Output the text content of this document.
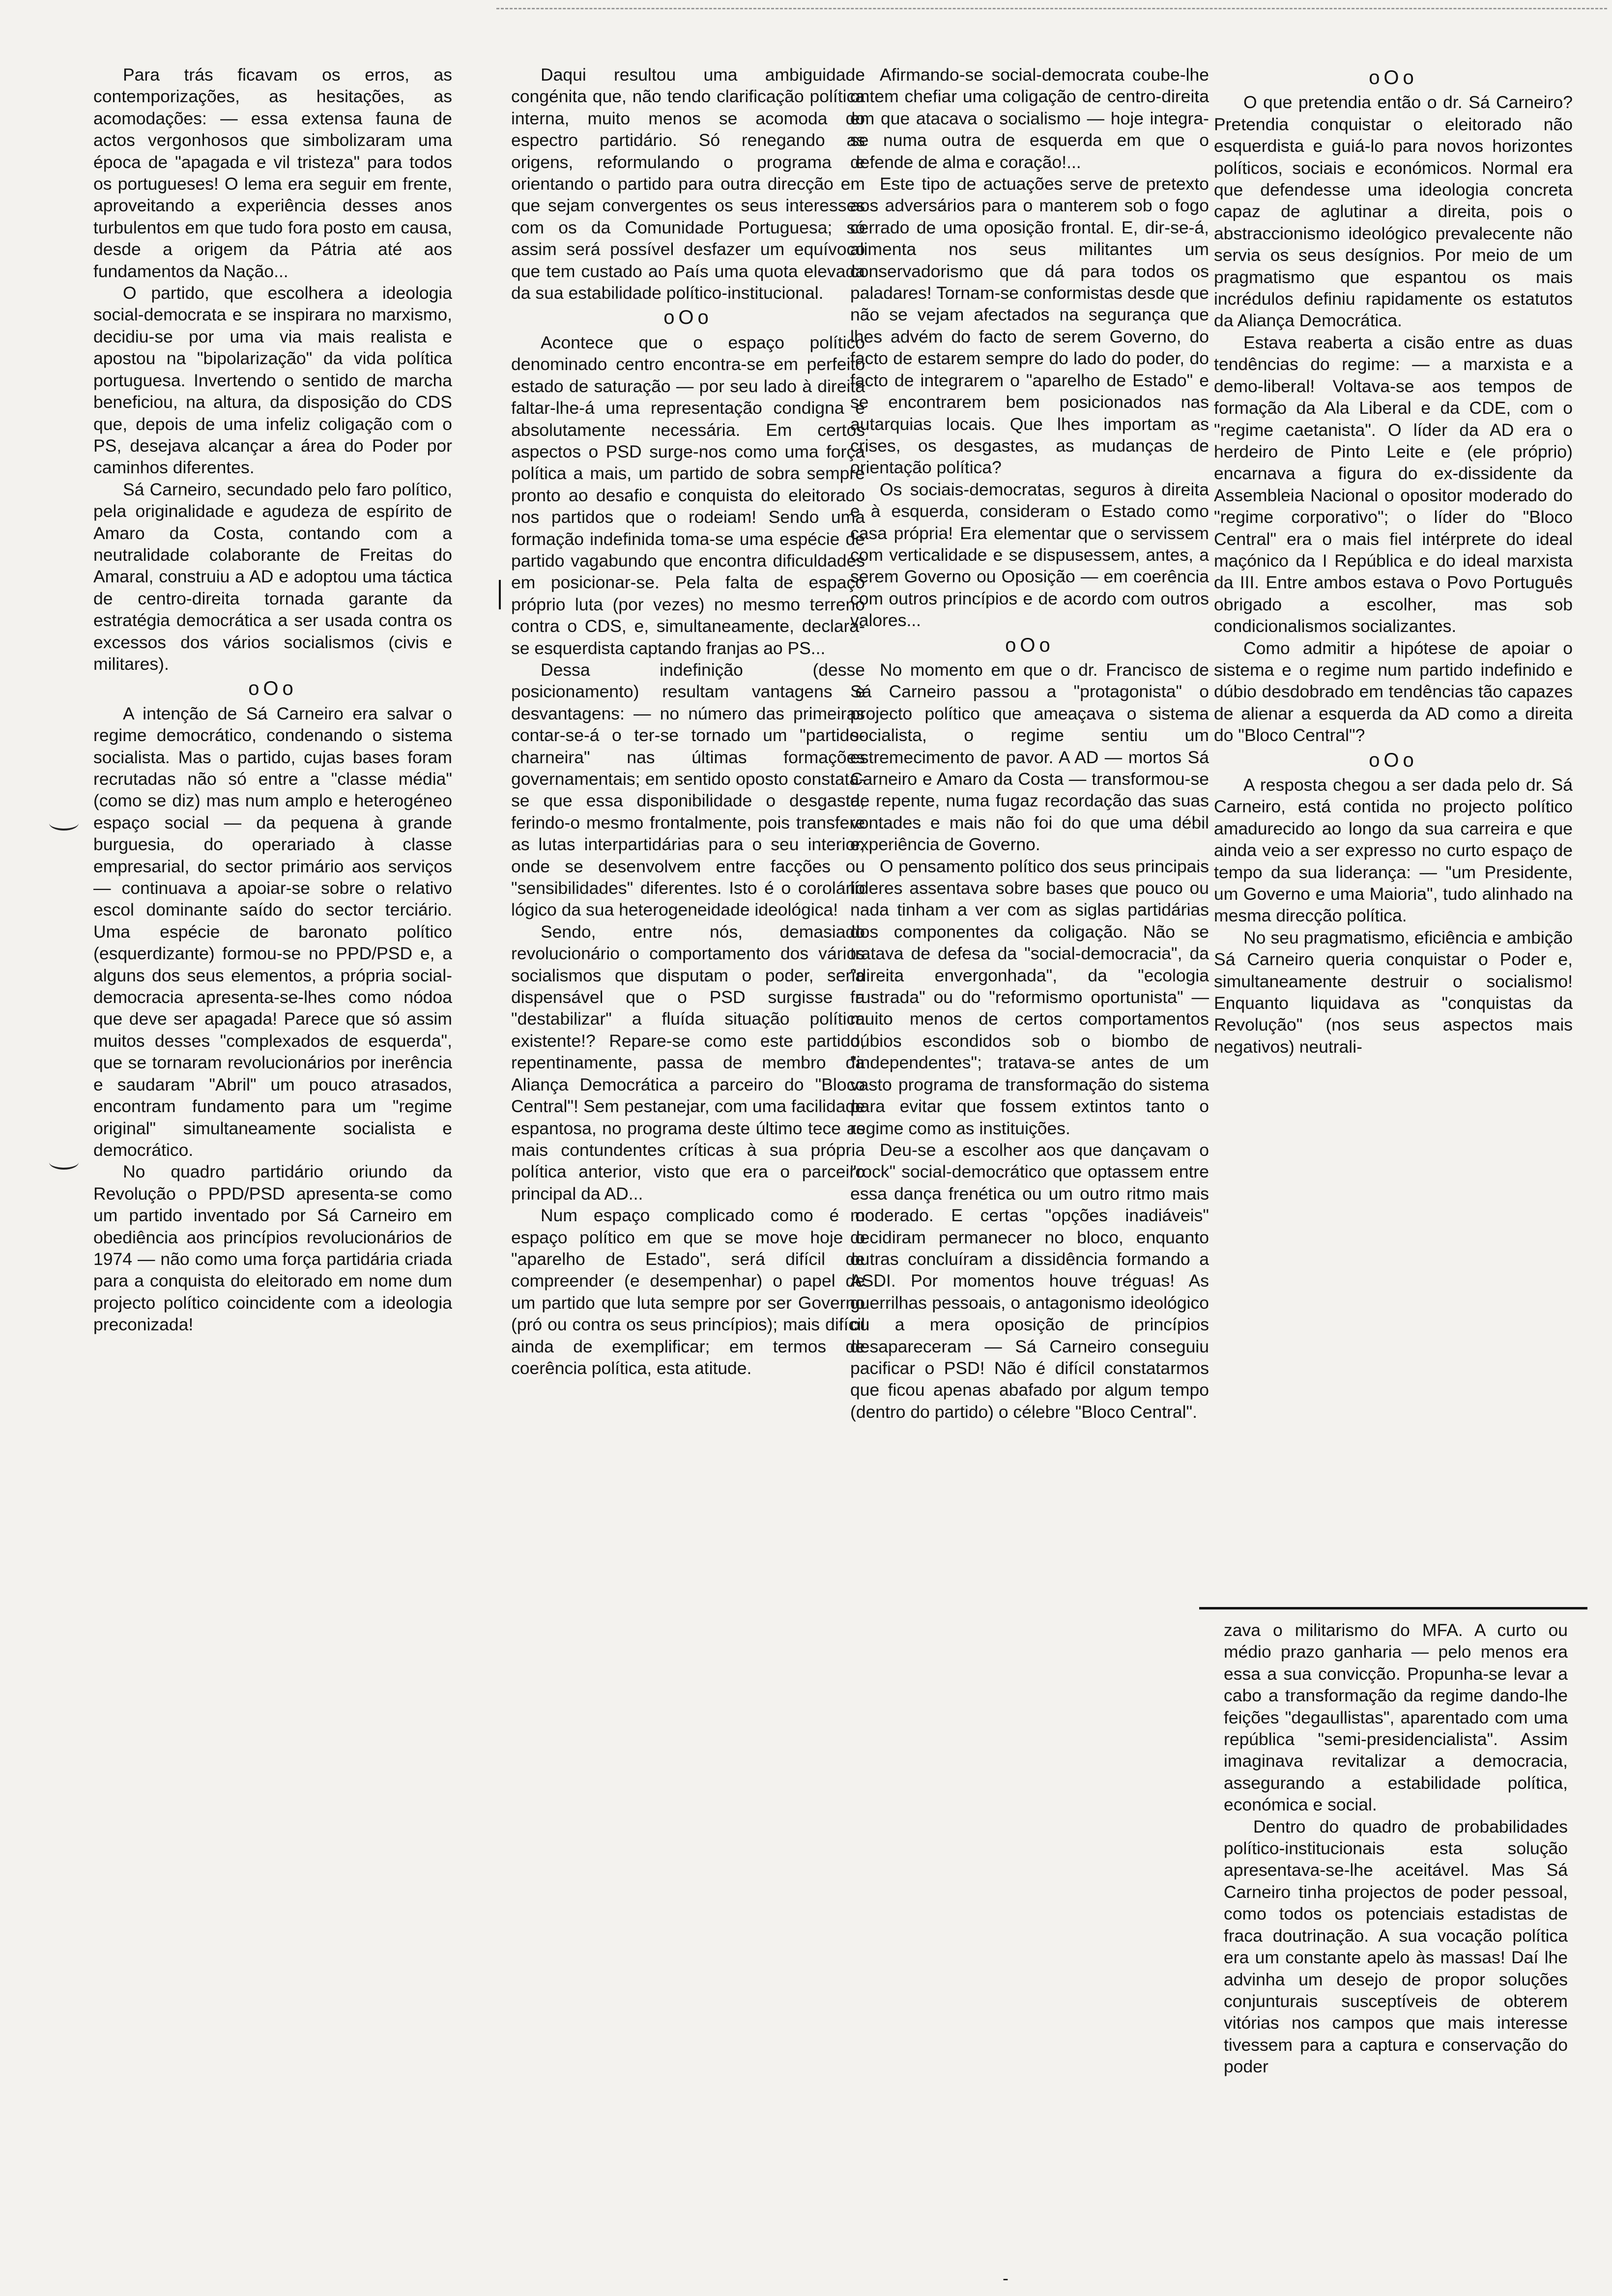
Para trás ficavam os erros, as contemporizações, as hesitações, as acomodações: — essa extensa fauna de actos vergonhosos que simbolizaram uma época de "apagada e vil tristeza" para todos os portugueses! O lema era seguir em frente, aproveitando a experiência desses anos turbulentos em que tudo fora posto em causa, desde a origem da Pátria até aos fundamentos da Nação...

O partido, que escolhera a ideologia social-democrata e se inspirara no marxismo, decidiu-se por uma via mais realista e apostou na "bipolarização" da vida política portuguesa. Invertendo o sentido de marcha beneficiou, na altura, da disposição do CDS que, depois de uma infeliz coligação com o PS, desejava alcançar a área do Poder por caminhos diferentes.

Sá Carneiro, secundado pelo faro político, pela originalidade e agudeza de espírito de Amaro da Costa, contando com a neutralidade colaborante de Freitas do Amaral, construiu a AD e adoptou uma táctica de centro-direita tornada garante da estratégia democrática a ser usada contra os excessos dos vários socialismos (civis e militares).

oOo

A intenção de Sá Carneiro era salvar o regime democrático, condenando o sistema socialista. Mas o partido, cujas bases foram recrutadas não só entre a "classe média" (como se diz) mas num amplo e heterogéneo espaço social — da pequena à grande burguesia, do operariado à classe empresarial, do sector primário aos serviços — continuava a apoiar-se sobre o relativo escol dominante saído do sector terciário. Uma espécie de baronato político (esquerdizante) formou-se no PPD/PSD e, a alguns dos seus elementos, a própria social-democracia apresenta-se-lhes como nódoa que deve ser apagada! Parece que só assim muitos desses "complexados de esquerda", que se tornaram revolucionários por inerência e saudaram "Abril" um pouco atrasados, encontram fundamento para um "regime original" simultaneamente socialista e democrático.

No quadro partidário oriundo da Revolução o PPD/PSD apresenta-se como um partido inventado por Sá Carneiro em obediência aos princípios revolucionários de 1974 — não como uma força partidária criada para a conquista do eleitorado em nome dum projecto político coincidente com a ideologia preconizada!

Daqui resultou uma ambiguidade congénita que, não tendo clarificação política interna, muito menos se acomoda do espectro partidário. Só renegando as origens, reformulando o programa e orientando o partido para outra direcção em que sejam convergentes os seus interesses com os da Comunidade Portuguesa; só assim será possível desfazer um equívoco que tem custado ao País uma quota elevada da sua estabilidade político-institucional.

oOo

Acontece que o espaço político denominado centro encontra-se em perfeito estado de saturação — por seu lado à direita faltar-lhe-á uma representação condigna e absolutamente necessária. Em certos aspectos o PSD surge-nos como uma força política a mais, um partido de sobra sempre pronto ao desafio e conquista do eleitorado nos partidos que o rodeiam! Sendo uma formação indefinida toma-se uma espécie de partido vagabundo que encontra dificuldades em posicionar-se. Pela falta de espaço próprio luta (por vezes) no mesmo terreno contra o CDS, e, simultaneamente, declara-se esquerdista captando franjas ao PS...

Dessa indefinição (desse posicionamento) resultam vantagens e desvantagens: — no número das primeiras contar-se-á o ter-se tornado um "partido-charneira" nas últimas formações governamentais; em sentido oposto constata-se que essa disponibilidade o desgasta, ferindo-o mesmo frontalmente, pois transfere as lutas interpartidárias para o seu interior, onde se desenvolvem entre facções ou "sensibilidades" diferentes. Isto é o corolário lógico da sua heterogeneidade ideológica!

Sendo, entre nós, demasiado revolucionário o comportamento dos vários socialismos que disputam o poder, seria dispensável que o PSD surgisse a "destabilizar" a fluída situação política existente!? Repare-se como este partido, repentinamente, passa de membro da Aliança Democrática a parceiro do "Bloco Central"! Sem pestanejar, com uma facilidade espantosa, no programa deste último tece as mais contundentes críticas à sua própria política anterior, visto que era o parceiro principal da AD...

Num espaço complicado como é o espaço político em que se move hoje o "aparelho de Estado", será difícil de compreender (e desempenhar) o papel de um partido que luta sempre por ser Governo (pró ou contra os seus princípios); mais difícil ainda de exemplificar; em termos de coerência política, esta atitude.

Afirmando-se social-democrata coube-lhe ontem chefiar uma coligação de centro-direita em que atacava o socialismo — hoje integra-se numa outra de esquerda em que o defende de alma e coração!...

Este tipo de actuações serve de pretexto aos adversários para o manterem sob o fogo cerrado de uma oposição frontal. E, dir-se-á, alimenta nos seus militantes um conservadorismo que dá para todos os paladares! Tornam-se conformistas desde que não se vejam afectados na segurança que lhes advém do facto de serem Governo, do facto de estarem sempre do lado do poder, do facto de integrarem o "aparelho de Estado" e se encontrarem bem posicionados nas autarquias locais. Que lhes importam as crises, os desgastes, as mudanças de orientação política?

Os sociais-democratas, seguros à direita e à esquerda, consideram o Estado como casa própria! Era elementar que o servissem com verticalidade e se dispusessem, antes, a serem Governo ou Oposição — em coerência com outros princípios e de acordo com outros valores...

oOo

No momento em que o dr. Francisco de Sá Carneiro passou a "protagonista" o projecto político que ameaçava o sistema socialista, o regime sentiu um estremecimento de pavor. A AD — mortos Sá Carneiro e Amaro da Costa — transformou-se de repente, numa fugaz recordação das suas vontades e mais não foi do que uma débil experiência de Governo.

O pensamento político dos seus principais líderes assentava sobre bases que pouco ou nada tinham a ver com as siglas partidárias dos componentes da coligação. Não se tratava de defesa da "social-democracia", da "direita envergonhada", da "ecologia frustrada" ou do "reformismo oportunista" — muito menos de certos comportamentos dúbios escondidos sob o biombo de "independentes"; tratava-se antes de um vasto programa de transformação do sistema para evitar que fossem extintos tanto o regime como as instituições.

Deu-se a escolher aos que dançavam o "rock" social-democrático que optassem entre essa dança frenética ou um outro ritmo mais moderado. E certas "opções inadiáveis" decidiram permanecer no bloco, enquanto outras concluíram a dissidência formando a ASDI. Por momentos houve tréguas! As guerrilhas pessoais, o antagonismo ideológico ou a mera oposição de princípios desapareceram — Sá Carneiro conseguiu pacificar o PSD! Não é difícil constatarmos que ficou apenas abafado por algum tempo (dentro do partido) o célebre "Bloco Central".

oOo

O que pretendia então o dr. Sá Carneiro? Pretendia conquistar o eleitorado não esquerdista e guiá-lo para novos horizontes políticos, sociais e económicos. Normal era que defendesse uma ideologia concreta capaz de aglutinar a direita, pois o abstraccionismo ideológico prevalecente não servia os seus desígnios. Por meio de um pragmatismo que espantou os mais incrédulos definiu rapidamente os estatutos da Aliança Democrática.

Estava reaberta a cisão entre as duas tendências do regime: — a marxista e a demo-liberal! Voltava-se aos tempos de formação da Ala Liberal e da CDE, com o "regime caetanista". O líder da AD era o herdeiro de Pinto Leite e (ele próprio) encarnava a figura do ex-dissidente da Assembleia Nacional o opositor moderado do "regime corporativo"; o líder do "Bloco Central" era o mais fiel intérprete do ideal maçónico da I República e do ideal marxista da III. Entre ambos estava o Povo Português obrigado a escolher, mas sob condicionalismos socializantes.

Como admitir a hipótese de apoiar o sistema e o regime num partido indefinido e dúbio desdobrado em tendências tão capazes de alienar a esquerda da AD como a direita do "Bloco Central"?

oOo

A resposta chegou a ser dada pelo dr. Sá Carneiro, está contida no projecto político amadurecido ao longo da sua carreira e que ainda veio a ser expresso no curto espaço de tempo da sua liderança: — "um Presidente, um Governo e uma Maioria", tudo alinhado na mesma direcção política.

No seu pragmatismo, eficiência e ambição Sá Carneiro queria conquistar o Poder e, simultaneamente destruir o socialismo! Enquanto liquidava as "conquistas da Revolução" (nos seus aspectos mais negativos) neutrali-

zava o militarismo do MFA. A curto ou médio prazo ganharia — pelo menos era essa a sua convicção. Propunha-se levar a cabo a transformação da regime dando-lhe feições "degaullistas", aparentado com uma república "semi-presidencialista". Assim imaginava revitalizar a democracia, assegurando a estabilidade política, económica e social.

Dentro do quadro de probabilidades político-institucionais esta solução apresentava-se-lhe aceitável. Mas Sá Carneiro tinha projectos de poder pessoal, como todos os potenciais estadistas de fraca doutrinação. A sua vocação política era um constante apelo às massas! Daí lhe advinha um desejo de propor soluções conjunturais susceptíveis de obterem vitórias nos campos que mais interesse tivessem para a captura e conservação do poder

-
